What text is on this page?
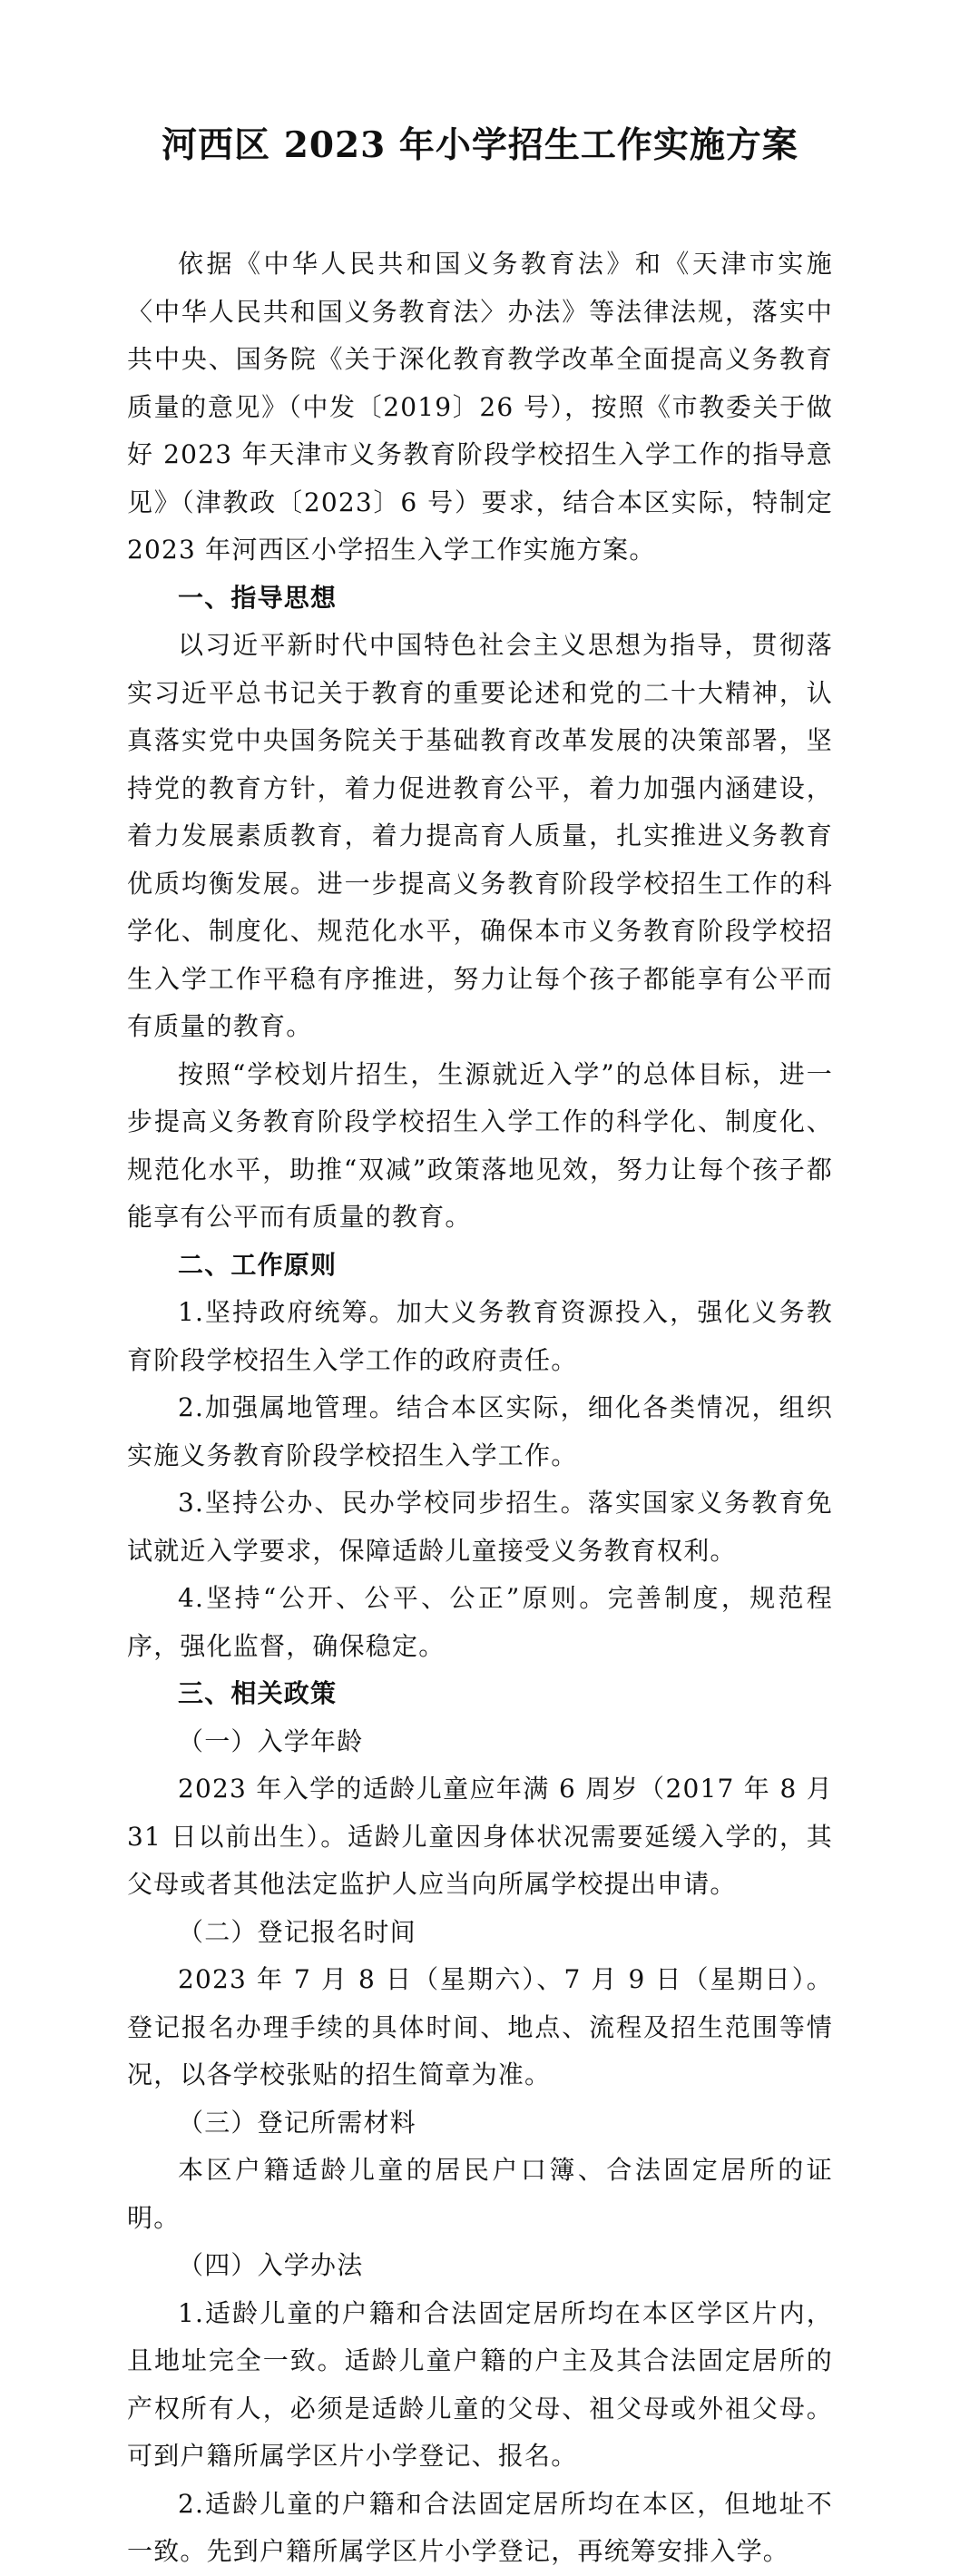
河西区 2023 年小学招生工作实施方案

依据《中华人民共和国义务教育法》和《天津市实施〈中华人民共和国义务教育法〉办法》等法律法规，落实中共中央、国务院《关于深化教育教学改革全面提高义务教育质量的意见》（中发〔2019〕26 号），按照《市教委关于做好 2023 年天津市义务教育阶段学校招生入学工作的指导意见》（津教政〔2023〕6 号）要求，结合本区实际，特制定 2023 年河西区小学招生入学工作实施方案。

一、指导思想

以习近平新时代中国特色社会主义思想为指导，贯彻落实习近平总书记关于教育的重要论述和党的二十大精神，认真落实党中央国务院关于基础教育改革发展的决策部署，坚持党的教育方针，着力促进教育公平，着力加强内涵建设，着力发展素质教育，着力提高育人质量，扎实推进义务教育优质均衡发展。进一步提高义务教育阶段学校招生工作的科学化、制度化、规范化水平，确保本市义务教育阶段学校招生入学工作平稳有序推进，努力让每个孩子都能享有公平而有质量的教育。

按照“学校划片招生，生源就近入学”的总体目标，进一步提高义务教育阶段学校招生入学工作的科学化、制度化、规范化水平，助推“双减”政策落地见效，努力让每个孩子都能享有公平而有质量的教育。

二、工作原则

1.坚持政府统筹。加大义务教育资源投入，强化义务教育阶段学校招生入学工作的政府责任。

2.加强属地管理。结合本区实际，细化各类情况，组织实施义务教育阶段学校招生入学工作。

3.坚持公办、民办学校同步招生。落实国家义务教育免试就近入学要求，保障适龄儿童接受义务教育权利。

4.坚持“公开、公平、公正”原则。完善制度，规范程序，强化监督，确保稳定。

三、相关政策

（一）入学年龄

2023 年入学的适龄儿童应年满 6 周岁（2017 年 8 月 31 日以前出生）。适龄儿童因身体状况需要延缓入学的，其父母或者其他法定监护人应当向所属学校提出申请。

（二）登记报名时间

2023 年 7 月 8 日（星期六）、7 月 9 日（星期日）。登记报名办理手续的具体时间、地点、流程及招生范围等情况，以各学校张贴的招生简章为准。

（三）登记所需材料

本区户籍适龄儿童的居民户口簿、合法固定居所的证明。

（四）入学办法

1.适龄儿童的户籍和合法固定居所均在本区学区片内，且地址完全一致。适龄儿童户籍的户主及其合法固定居所的产权所有人，必须是适龄儿童的父母、祖父母或外祖父母。可到户籍所属学区片小学登记、报名。

2.适龄儿童的户籍和合法固定居所均在本区，但地址不一致。先到户籍所属学区片小学登记，再统筹安排入学。
